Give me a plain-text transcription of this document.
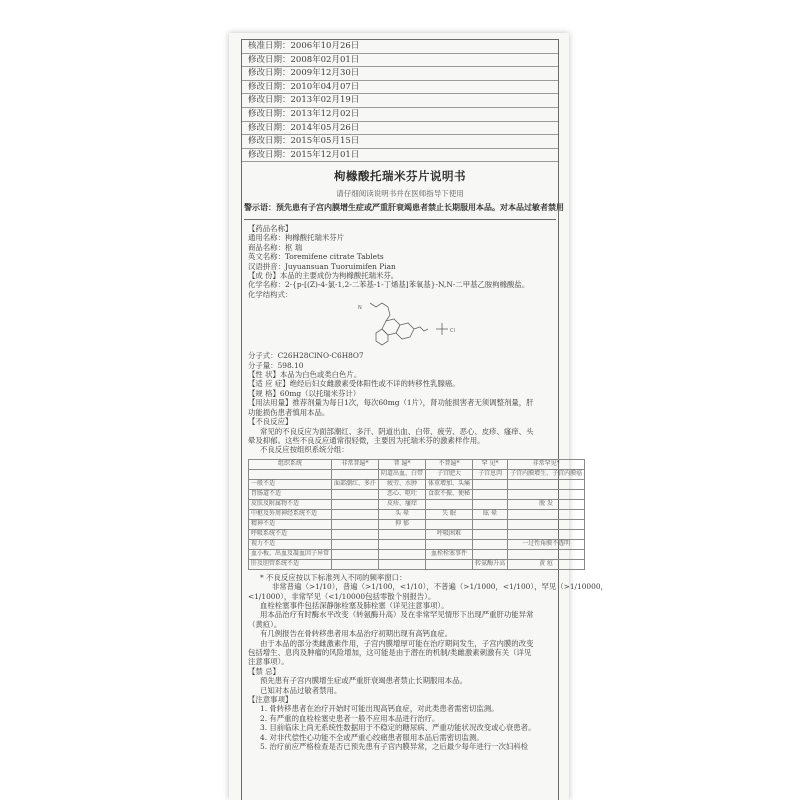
核准日期：2006年10月26日
修改日期：2008年02月01日
修改日期：2009年12月30日
修改日期：2010年04月07日
修改日期：2013年02月19日
修改日期：2013年12月02日
修改日期：2014年05月26日
修改日期：2015年05月15日
修改日期：2015年12月01日
枸橼酸托瑞米芬片说明书
请仔细阅读说明书并在医师指导下使用
警示语：预先患有子宫内膜增生症或严重肝衰竭患者禁止长期服用本品。对本品过敏者禁用
【药品名称】
通用名称：枸橼酸托瑞米芬片
商品名称：枢 瑞
英文名称：Toremifene citrate Tablets
汉语拼音：Juyuansuan Tuoruimifen Pian
【成 份】本品的主要成份为枸橼酸托瑞米芬。
化学名称：2-{p-[(Z)-4-氯-1,2-二苯基-1-丁烯基]苯氧基}-N,N-二甲基乙胺枸橼酸盐。
化学结构式：
N
Cl
分子式：C26H28ClNO·C6H8O7
分子量：598.10
【性 状】本品为白色或类白色片。
【适 应 症】绝经后妇女雌激素受体阳性或不详的转移性乳腺癌。
【规 格】60mg（以托瑞米芬计）
【用法用量】推荐剂量为每日1次，每次60mg（1片），肾功能损害者无须调整剂量，肝
功能损伤患者慎用本品。
【不良反应】
常见的不良反应为面部潮红、多汗、阴道出血、白带、疲劳、恶心、皮疹、瘙痒、头
晕及抑郁。这些不良反应通常很轻微，主要因为托瑞米芬的激素样作用。
不良反应按组织系统分组：
组织系统	非常普遍*	普 遍*	不普遍*	罕 见*	非常罕见*
		阴道出血、白带	子宫肥大	子宫息肉	子宫内膜增生、子宫内膜癌
一般不适	面部潮红、多汗	疲劳、水肿	体重增加、头痛		
胃肠道不适		恶心、呕吐	食欲不振、便秘		
皮肤及附属物不适		皮疹、瘙痒			脱 发
中枢及外周神经系统不适		头 晕	失 眠	眩 晕	
精神不适		抑 郁			
呼吸系统不适			呼吸困难		
视力不适					一过性角膜不透明
血小板、出血及凝血因子异常			血栓栓塞事件		
肝及胆管系统不适				转氨酶升高	黄 疸
* 不良反应按以下标准列入不同的频率窗口：
非常普遍（>1/10），普遍（>1/100，<1/10），不普遍（>1/1000，<1/100），罕见（>1/10000，
<1/1000），非常罕见（<1/10000包括零散个别报告）。
血栓栓塞事件包括深静脉栓塞及肺栓塞（详见注意事项）。
用本品治疗有时酶水平改变（转氨酶升高）及在非常罕见情形下出现严重肝功能异常
（黄疸）。
有几例报告在骨转移患者用本品治疗初期出现有高钙血症。
由于本品的部分类雌激素作用，子宫内膜增厚可能在治疗期间发生，子宫内膜的改变
包括增生、息肉及肿瘤的风险增加，这可能是由于潜在的机制/类雌激素刺激有关（详见
注意事项）。
【禁 忌】
预先患有子宫内膜增生症或严重肝衰竭患者禁止长期服用本品。
已知对本品过敏者禁用。
【注意事项】
1. 骨转移患者在治疗开始时可能出现高钙血症，对此类患者需密切监测。
2. 有严重的血栓栓塞史患者一般不应用本品进行治疗。
3. 目前临床上尚无系统性数据用于不稳定的糖尿病、严重功能状况改变或心衰患者。
4. 对非代偿性心功能不全或严重心绞痛患者服用本品后需密切监测。
5. 治疗前应严格检查是否已预先患有子宫内膜异常，之后最少每年进行一次妇科检
